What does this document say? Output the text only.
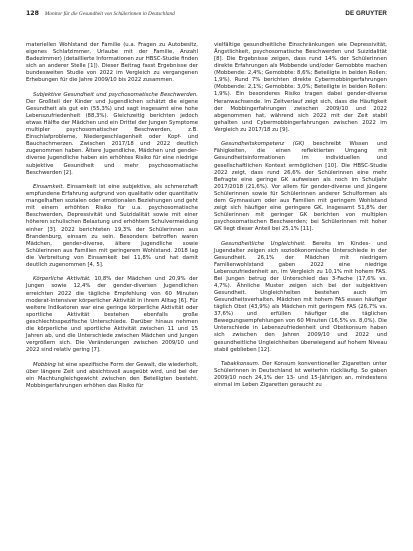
128 Monitor für die Gesundheit von Schülerinnen in Deutschland	DE GRUYTER

materiellen Wohlstand der Familie (u.a. Fragen zu Autobesitz, eigenes Schlafzimmer, Urlaube mit der Familie, Anzahl Badezimmer) (detaillierte Informationen zur HBSC-Studie finden sich an anderer Stelle [1]). Dieser Beitrag fasst Ergebnisse der bundesweiten Studie von 2022 im Vergleich zu vergangenen Erhebungen für die Jahre 2009/10 bis 2022 zusammen.

Subjektive Gesundheit und psychosomatische Beschwerden. Der Großteil der Kinder und Jugendlichen schätzt die eigene Gesundheit als gut ein (55,3%) und sagt insgesamt eine hohe Lebenszufriedenheit (88,3%). Gleichzeitig berichten jedoch etwas Hälfte der Mädchen und ein Drittel der Jungen Symptome multipler psychosomatischer Beschwerden, z.B. Einschlafprobleme, Niedergeschlagenheit oder Kopf- und Bauchschmerzen. Zwischen 2017/18 und 2022 deutlich zugenommen haben. Ältere Jugendliche, Mädchen und gender-diverse Jugendliche haben ein erhöhtes Risiko für eine niedrige subjektive Gesundheit und mehr psychosomatische Beschwerden [2].

Einsamkeit. Einsamkeit ist eine subjektive, als schmerzhaft empfundene Erfahrung aufgrund von qualitativ oder quantitativ mangelhaften sozialen oder emotionalen Beziehungen und geht mit einem erhöhten Risiko für u.a. psychosomatische Beschwerden, Depressivität und Suizidalität sowie mit einer höheren schulischen Belastung und erhöhtem Schulvermeidung einher [3]. 2022 berichteten 19,3% der Schülerinnen aus Brandenburg, einsam zu sein. Besonders betroffen waren Mädchen, gender-diverse, ältere Jugendliche sowie Schülerinnen aus Familien mit geringerem Wohlstand. 2018 lag die Verbreitung von Einsamkeit bei 11,8% und hat damit deutlich zugenommen [4, 5].

Körperliche Aktivität. 10,8% der Mädchen und 20,9% der Jungen sowie 12,4% der gender-diversen Jugendlichen erreichten 2022 die tägliche Empfehlung von 60 Minuten moderat-intensiver körperlicher Aktivität in ihrem Alltag [6]. Für weitere Indikatoren war eine geringe körperliche Aktivität oder sportliche Aktivität bestehen ebenfalls große geschlechtsspezifische Unterschiede. Darüber hinaus nehmen die körperliche und sportliche Aktivität zwischen 11 und 15 Jahren ab, und die Unterschiede zwischen Mädchen und Jungen vergrößern sich. Die Veränderungen zwischen 2009/10 und 2022 sind relativ gering [7].

Mobbing ist eine spezifische Form der Gewalt, die wiederholt, über längere Zeit und absichtsvoll ausgeübt wird, und bei der ein Machtungleichgewicht zwischen den Beteiligten besteht. Mobbingerfahrungen erhöhen das Risiko für

vielfältige gesundheitliche Einschränkungen wie Depressivität, Ängstlichkeit, psychosomatische Beschwerden und Suizidalität [8]. Die Ergebnisse zeigen, dass rund 14% der Schülerinnen direkte Erfahrungen als Mobbende und/oder Gemobbte machen (Mobbende: 2,4%; Gemobbte: 8,6%; Beteiligte in beiden Rollen: 1,9%). Rund 7% berichten direkte Cybermobbingerfahrungen (Mobbende: 2,1%; Gemobbte: 3,0%; Beteiligte in beiden Rollen: 1,9%). Ein besonderes Risiko tragen dabei gender-diverse Heranwachsende. Im Zeitverlauf zeigt sich, dass die Häufigkeit der Mobbingerfahrungen zwischen 2009/10 und 2022 abgenommen hat, während sich 2022 mit der Zeit stabil gehalten und Cybermobbingerfahrungen zwischen 2022 im Vergleich zu 2017/18 zu [9].

Gesundheitskompetenz (GK) beschreibt Wissen und Fähigkeiten, die einen reflektierten Umgang mit Gesundheitsinformationen im individuellen und gesellschaftlichen Kontext ermöglichen [10]. Die HBSC-Studie 2022 zeigt, dass rund 26,6% der Schülerinnen eine mehr Befragte eine geringe GK aufweisen als noch im Schuljahr 2017/2018 (21,6%). Vor allem für gender-diverse und jüngere Schülerinnen sowie für Schülerinnen anderer Schulformen als dem Gymnasium oder aus Familien mit geringem Wohlstand zeigt sich häufiger eine geringere GK. Insgesamt 51,8% der Schülerinnen mit geringer GK berichten von multiplen psychosomatischen Beschwerden; bei Schülerinnen mit hoher GK liegt dieser Anteil bei 25,1% [11].

Gesundheitliche Ungleichheit. Bereits im Kindes- und Jugendalter zeigen sich sozioökonomische Unterschiede in der Gesundheit. 26,1% der Mädchen mit niedrigem Familienwohlstand gaben 2022 eine niedrige Lebenszufriedenheit an, im Vergleich zu 10,1% mit hohem FAS. Bei Jungen betrug der Unterschied das 3-Fache (17,6% vs. 4,7%). Ähnliche Muster zeigen sich bei der subjektiven Gesundheit. Ungleichheiten bestehen auch im Gesundheitsverhalten. Mädchen mit hohem FAS essen häufiger täglich Obst (43,9%) als Mädchen mit geringem FAS (26,7% vs. 37,6%) und erfüllen häufiger die täglichen Bewegungsempfehlungen von 60 Minuten (16,5% vs. 8,0%). Die Unterschiede in Lebenszufriedenheit und Obstkonsum haben sich zwischen den Jahren 2009/10 und 2022 und gesundheitliche Ungleichheiten überwiegend auf hohem Niveau stabil geblieben [12].

Tabakkonsum. Der Konsum konventioneller Zigaretten unter Schülerinnen in Deutschland ist weiterhin rückläufig. So gaben 2009/10 noch 24,1% der 13- und 15-Jährigen an, mindestens einmal im Leben Zigaretten geraucht zu
